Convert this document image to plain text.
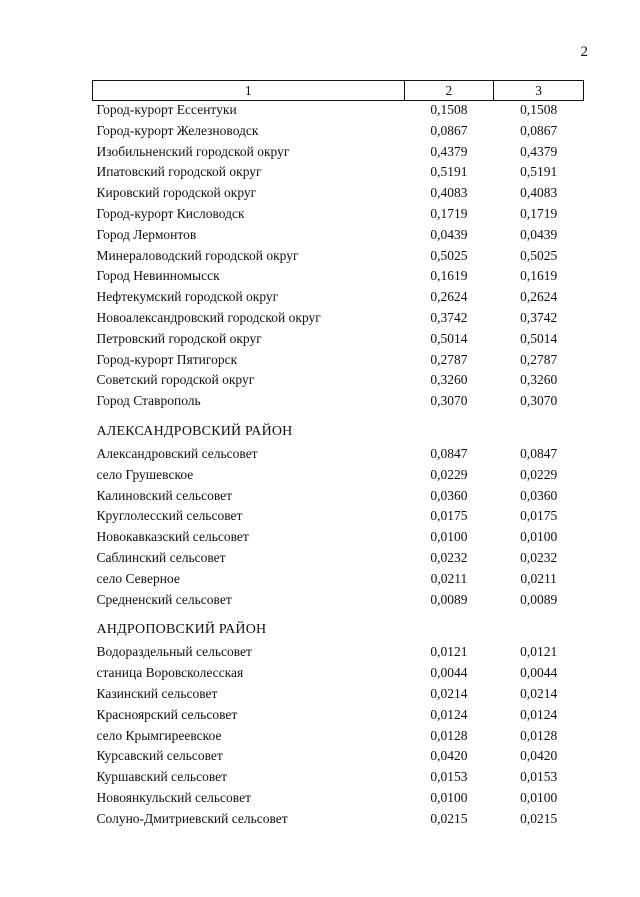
2
1	2	3
Город-курорт Ессентуки	0,1508	0,1508
Город-курорт Железноводск	0,0867	0,0867
Изобильненский городской округ	0,4379	0,4379
Ипатовский городской округ	0,5191	0,5191
Кировский городской округ	0,4083	0,4083
Город-курорт Кисловодск	0,1719	0,1719
Город Лермонтов	0,0439	0,0439
Минераловодский городской округ	0,5025	0,5025
Город Невинномысск	0,1619	0,1619
Нефтекумский городской округ	0,2624	0,2624
Новоалександровский городской округ	0,3742	0,3742
Петровский городской округ	0,5014	0,5014
Город-курорт Пятигорск	0,2787	0,2787
Советский городской округ	0,3260	0,3260
Город Ставрополь	0,3070	0,3070
АЛЕКСАНДРОВСКИЙ РАЙОН		
Александровский сельсовет	0,0847	0,0847
село Грушевское	0,0229	0,0229
Калиновский сельсовет	0,0360	0,0360
Круглолесский сельсовет	0,0175	0,0175
Новокавказский сельсовет	0,0100	0,0100
Саблинский сельсовет	0,0232	0,0232
село Северное	0,0211	0,0211
Средненский сельсовет	0,0089	0,0089
АНДРОПОВСКИЙ РАЙОН		
Водораздельный сельсовет	0,0121	0,0121
станица Воровсколесская	0,0044	0,0044
Казинский сельсовет	0,0214	0,0214
Красноярский сельсовет	0,0124	0,0124
село Крымгиреевское	0,0128	0,0128
Курсавский сельсовет	0,0420	0,0420
Куршавский сельсовет	0,0153	0,0153
Новоянкульский сельсовет	0,0100	0,0100
Солуно-Дмитриевский сельсовет	0,0215	0,0215
